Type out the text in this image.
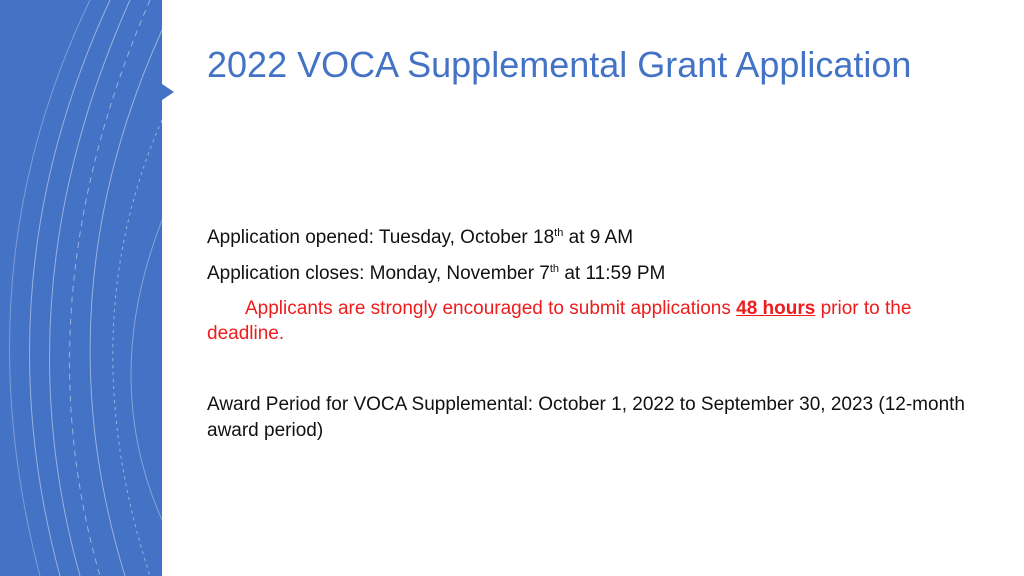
2022 VOCA Supplemental Grant Application

Application opened: Tuesday, October 18th at 9 AM

Application closes: Monday, November 7th at 11:59 PM

Applicants are strongly encouraged to submit applications 48 hours prior to the deadline.

Award Period for VOCA Supplemental: October 1, 2022 to September 30, 2023 (12-month award period)
